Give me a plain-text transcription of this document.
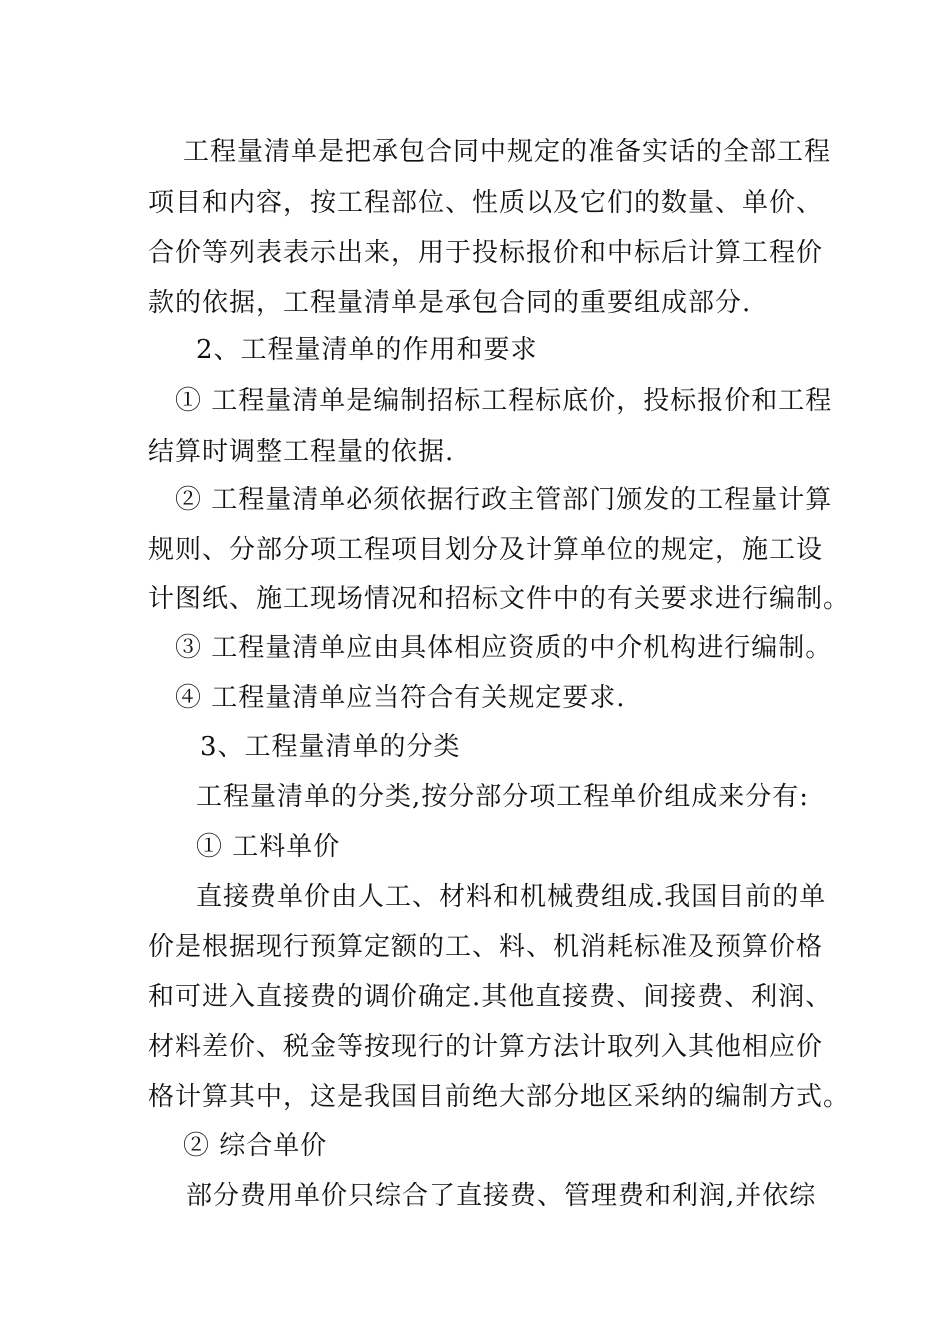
工程量清单是把承包合同中规定的准备实话的全部工程
项目和内容，按工程部位、性质以及它们的数量、单价、
合价等列表表示出来，用于投标报价和中标后计算工程价
款的依据，工程量清单是承包合同的重要组成部分.
2、工程量清单的作用和要求
① 工程量清单是编制招标工程标底价，投标报价和工程
结算时调整工程量的依据.
② 工程量清单必须依据行政主管部门颁发的工程量计算
规则、分部分项工程项目划分及计算单位的规定，施工设
计图纸、施工现场情况和招标文件中的有关要求进行编制。
③ 工程量清单应由具体相应资质的中介机构进行编制。
④ 工程量清单应当符合有关规定要求.
3、工程量清单的分类
工程量清单的分类,按分部分项工程单价组成来分有:
① 工料单价
直接费单价由人工、材料和机械费组成.我国目前的单
价是根据现行预算定额的工、料、机消耗标准及预算价格
和可进入直接费的调价确定.其他直接费、间接费、利润、
材料差价、税金等按现行的计算方法计取列入其他相应价
格计算其中，这是我国目前绝大部分地区采纳的编制方式。
② 综合单价
部分费用单价只综合了直接费、管理费和利润,并依综
